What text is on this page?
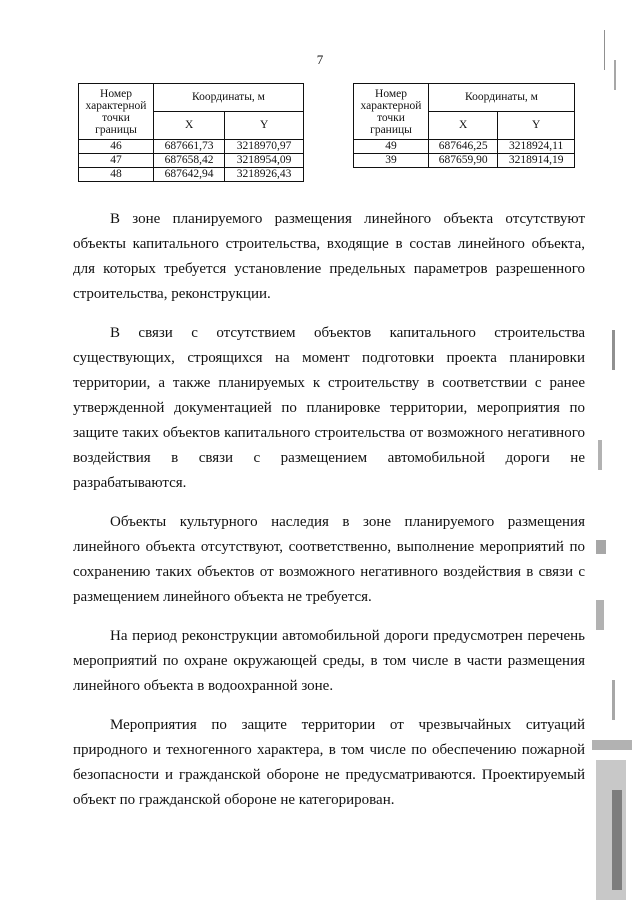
7
Номер характерной точки границы	Координаты, м	
	X	Y
46	687661,73	3218970,97
47	687658,42	3218954,09
48	687642,94	3218926,43
Номер характерной точки границы	Координаты, м	
	X	Y
49	687646,25	3218924,11
39	687659,90	3218914,19

В зоне планируемого размещения линейного объекта отсутствуют объекты капитального строительства, входящие в состав линейного объекта, для которых требуется установление предельных параметров разрешенного строительства, реконструкции.

В связи с отсутствием объектов капитального строительства существующих, строящихся на момент подготовки проекта планировки территории, а также планируемых к строительству в соответствии с ранее утвержденной документацией по планировке территории, мероприятия по защите таких объектов капитального строительства от возможного негативного воздействия в связи с размещением автомобильной дороги не разрабатываются.

Объекты культурного наследия в зоне планируемого размещения линейного объекта отсутствуют, соответственно, выполнение мероприятий по сохранению таких объектов от возможного негативного воздействия в связи с размещением линейного объекта не требуется.

На период реконструкции автомобильной дороги предусмотрен перечень мероприятий по охране окружающей среды, в том числе в части размещения линейного объекта в водоохранной зоне.

Мероприятия по защите территории от чрезвычайных ситуаций природного и техногенного характера, в том числе по обеспечению пожарной безопасности и гражданской обороне не предусматриваются. Проектируемый объект по гражданской обороне не категорирован.
